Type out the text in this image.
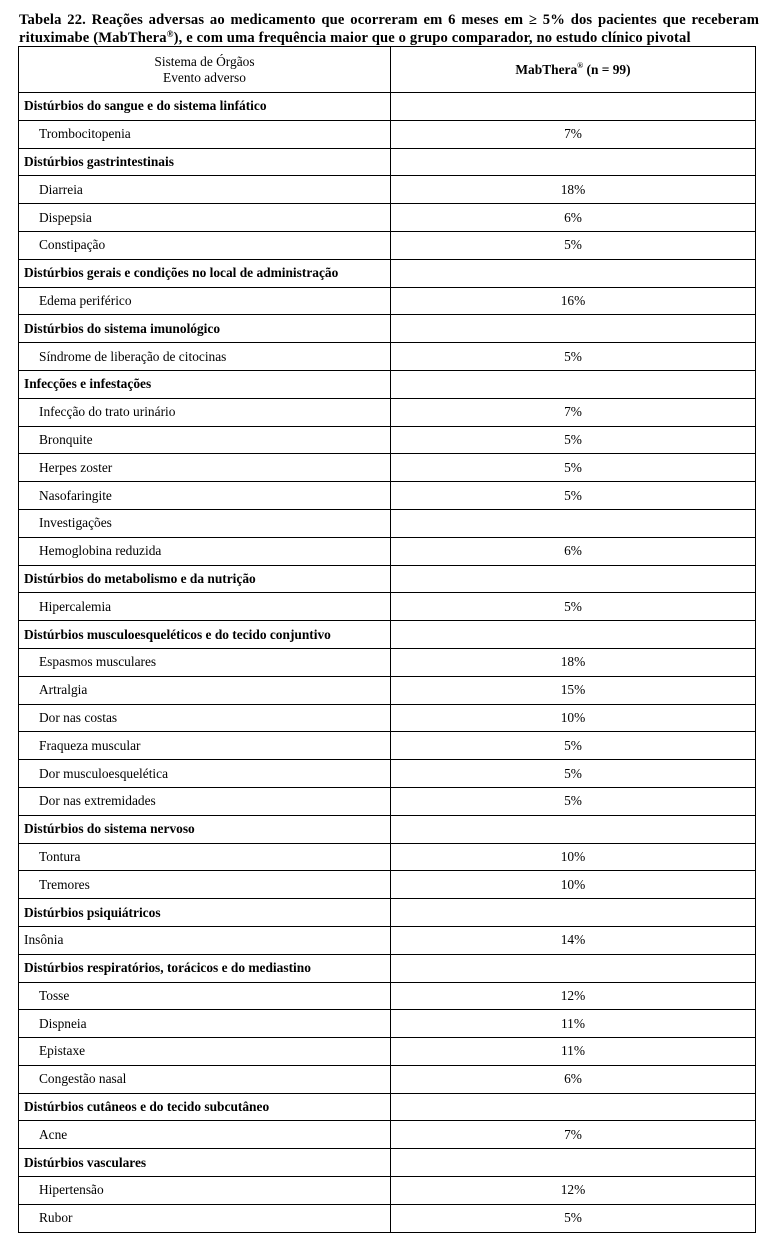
Tabela 22. Reações adversas ao medicamento que ocorreram em 6 meses em ≥ 5% dos pacientes que receberam
rituximabe (MabThera®), e com uma frequência maior que o grupo comparador, no estudo clínico pivotal
Sistema de Órgãos
Evento adverso	MabThera® (n = 99)
Distúrbios do sangue e do sistema linfático	
Trombocitopenia	7%
Distúrbios gastrintestinais	
Diarreia	18%
Dispepsia	6%
Constipação	5%
Distúrbios gerais e condições no local de administração	
Edema periférico	16%
Distúrbios do sistema imunológico	
Síndrome de liberação de citocinas	5%
Infecções e infestações	
Infecção do trato urinário	7%
Bronquite	5%
Herpes zoster	5%
Nasofaringite	5%
Investigações	
Hemoglobina reduzida	6%
Distúrbios do metabolismo e da nutrição	
Hipercalemia	5%
Distúrbios musculoesqueléticos e do tecido conjuntivo	
Espasmos musculares	18%
Artralgia	15%
Dor nas costas	10%
Fraqueza muscular	5%
Dor musculoesquelética	5%
Dor nas extremidades	5%
Distúrbios do sistema nervoso	
Tontura	10%
Tremores	10%
Distúrbios psiquiátricos	
Insônia	14%
Distúrbios respiratórios, torácicos e do mediastino	
Tosse	12%
Dispneia	11%
Epistaxe	11%
Congestão nasal	6%
Distúrbios cutâneos e do tecido subcutâneo	
Acne	7%
Distúrbios vasculares	
Hipertensão	12%
Rubor	5%
